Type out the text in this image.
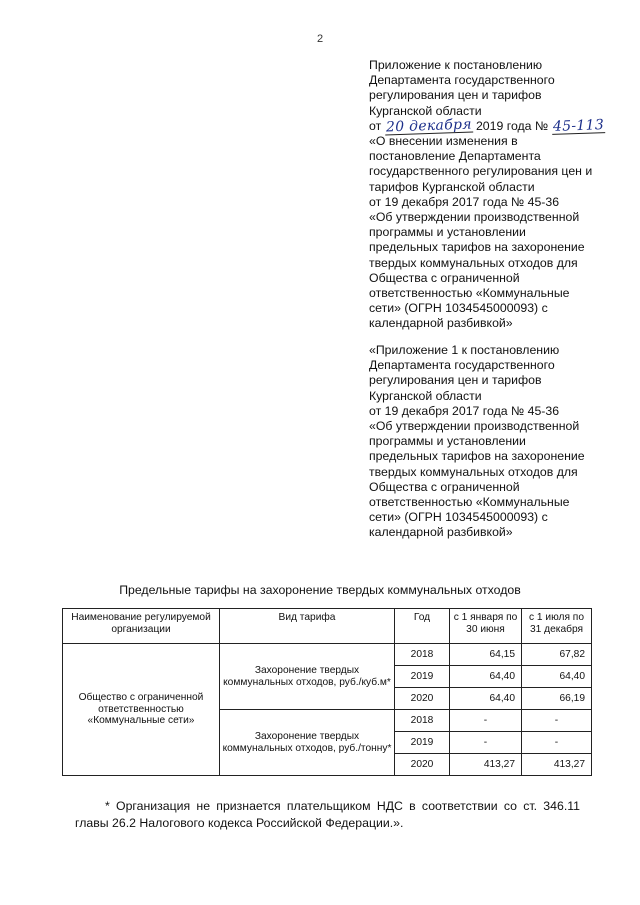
2
Приложение к постановлению
Департамента государственного
регулирования цен и тарифов
Курганской области
от 20 декабря 2019 года № 45-113
«О внесении изменения в
постановление Департамента
государственного регулирования цен и
тарифов Курганской области
от 19 декабря 2017 года № 45-36
«Об утверждении производственной
программы и установлении
предельных тарифов на захоронение
твердых коммунальных отходов для
Общества с ограниченной
ответственностью «Коммунальные
сети» (ОГРН 1034545000093) с
календарной разбивкой»
«Приложение 1 к постановлению
Департамента государственного
регулирования цен и тарифов
Курганской области
от 19 декабря 2017 года № 45-36
«Об утверждении производственной
программы и установлении
предельных тарифов на захоронение
твердых коммунальных отходов для
Общества с ограниченной
ответственностью «Коммунальные
сети» (ОГРН 1034545000093) с
календарной разбивкой»
Предельные тарифы на захоронение твердых коммунальных отходов
Наименование регулируемой организации	Вид тарифа	Год	с 1 января по 30 июня	с 1 июля по 31 декабря
Общество с ограниченной ответственностью «Коммунальные сети»	Захоронение твердых коммунальных отходов, руб./куб.м*	2018	64,15	67,82
		2019	64,40	64,40
		2020	64,40	66,19
	Захоронение твердых коммунальных отходов, руб./тонну*	2018	-	-
		2019	-	-
		2020	413,27	413,27
* Организация не признается плательщиком НДС в соответствии со ст. 346.11 главы 26.2 Налогового кодекса Российской Федерации.».
